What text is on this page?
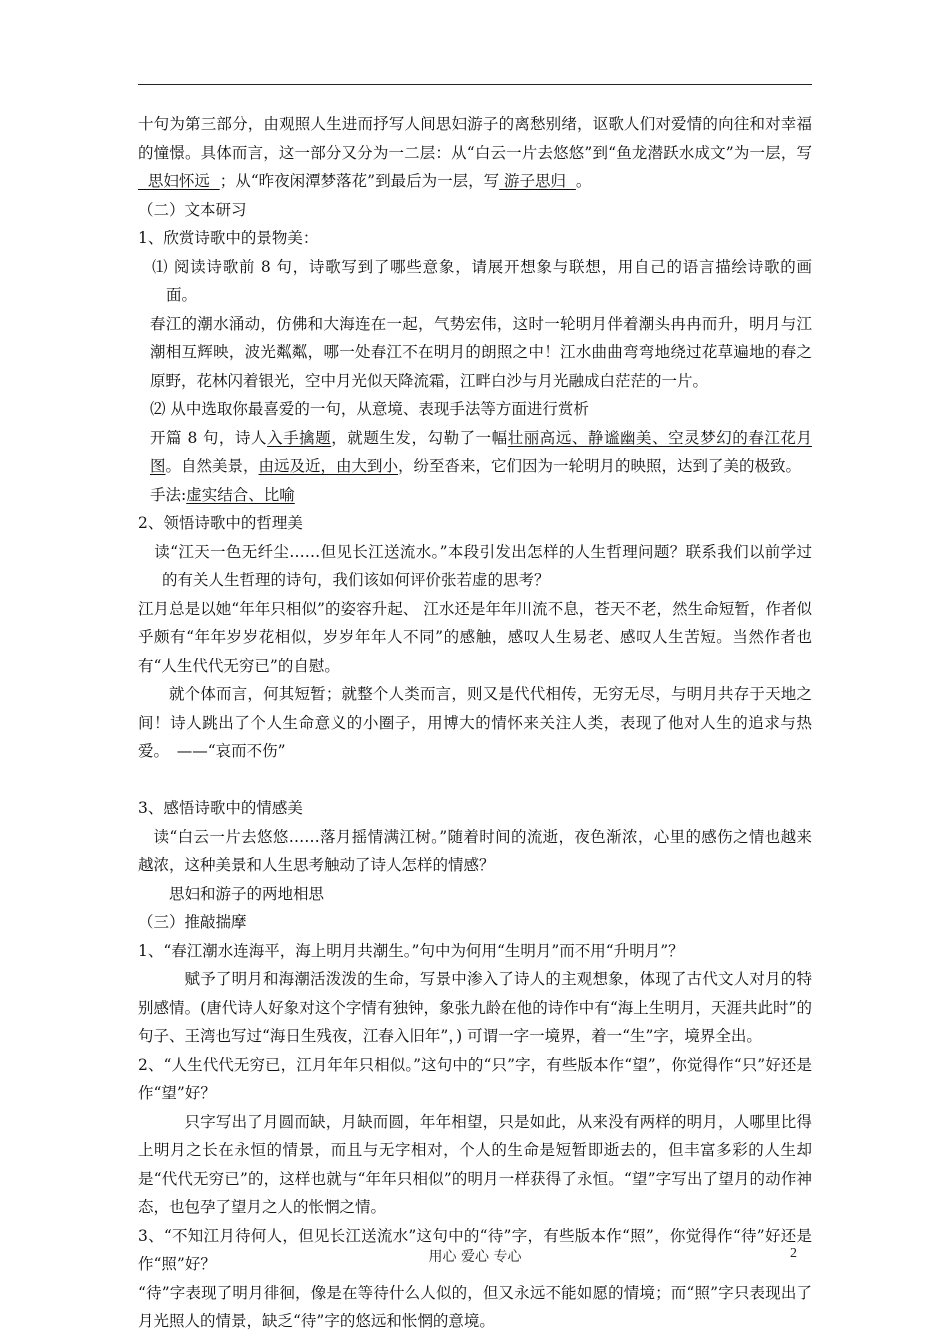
十句为第三部分，由观照人生进而抒写人间思妇游子的离愁别绪，讴歌人们对爱情的向往和对幸福的憧憬。具体而言，这一部分又分为一二层：从“白云一片去悠悠”到“鱼龙潜跃水成文”为一层，写  思妇怀远  ；从“昨夜闲潭梦落花”到最后为一层，写 游子思归  。

（二）文本研习

1、欣赏诗歌中的景物美：

⑴ 阅读诗歌前 8 句，诗歌写到了哪些意象，请展开想象与联想，用自己的语言描绘诗歌的画面。

春江的潮水涌动，仿佛和大海连在一起，气势宏伟，这时一轮明月伴着潮头冉冉而升，明月与江潮相互辉映，波光粼粼，哪一处春江不在明月的朗照之中！江水曲曲弯弯地绕过花草遍地的春之原野，花林闪着银光，空中月光似天降流霜，江畔白沙与月光融成白茫茫的一片。

⑵ 从中选取你最喜爱的一句，从意境、表现手法等方面进行赏析

开篇 8 句，诗人入手擒题，就题生发，勾勒了一幅壮丽高远、静谧幽美、空灵梦幻的春江花月图。自然美景，由远及近，由大到小，纷至沓来，它们因为一轮明月的映照，达到了美的极致。

手法:虚实结合、比喻

2、领悟诗歌中的哲理美

读“江天一色无纤尘……但见长江送流水。”本段引发出怎样的人生哲理问题？联系我们以前学过的有关人生哲理的诗句，我们该如何评价张若虚的思考？

江月总是以她“年年只相似”的姿容升起、 江水还是年年川流不息，苍天不老，然生命短暂，作者似乎颇有“年年岁岁花相似，岁岁年年人不同”的感触，感叹人生易老、感叹人生苦短。当然作者也有“人生代代无穷已”的自慰。

就个体而言，何其短暂；就整个人类而言，则又是代代相传，无穷无尽，与明月共存于天地之间！诗人跳出了个人生命意义的小圈子，用博大的情怀来关注人类，表现了他对人生的追求与热爱。　——“哀而不伤”

3、感悟诗歌中的情感美

读“白云一片去悠悠……落月摇情满江树。”随着时间的流逝，夜色渐浓，心里的感伤之情也越来越浓，这种美景和人生思考触动了诗人怎样的情感？

思妇和游子的两地相思

（三）推敲揣摩

1、“春江潮水连海平，海上明月共潮生。”句中为何用“生明月”而不用“升明月”？

赋予了明月和海潮活泼泼的生命，写景中渗入了诗人的主观想象，体现了古代文人对月的特别感情。(唐代诗人好象对这个字情有独钟，象张九龄在他的诗作中有“海上生明月，天涯共此时”的句子、王湾也写过“海日生残夜，江春入旧年”，) 可谓一字一境界，着一“生”字，境界全出。

2、“人生代代无穷已，江月年年只相似。”这句中的“只”字，有些版本作“望”，你觉得作“只”好还是作“望”好？

只字写出了月圆而缺，月缺而圆，年年相望，只是如此，从来没有两样的明月，人哪里比得上明月之长在永恒的情景，而且与无字相对，个人的生命是短暂即逝去的，但丰富多彩的人生却是“代代无穷已”的，这样也就与“年年只相似”的明月一样获得了永恒。“望”字写出了望月的动作神态，也包孕了望月之人的怅惘之情。

3、“不知江月待何人，但见长江送流水”这句中的“待”字，有些版本作“照”，你觉得作“待”好还是作“照”好？

“待”字表现了明月徘徊，像是在等待什么人似的，但又永远不能如愿的情境；而“照”字只表现出了月光照人的情景，缺乏“待”字的悠远和怅惘的意境。

用心 爱心 专心	2
